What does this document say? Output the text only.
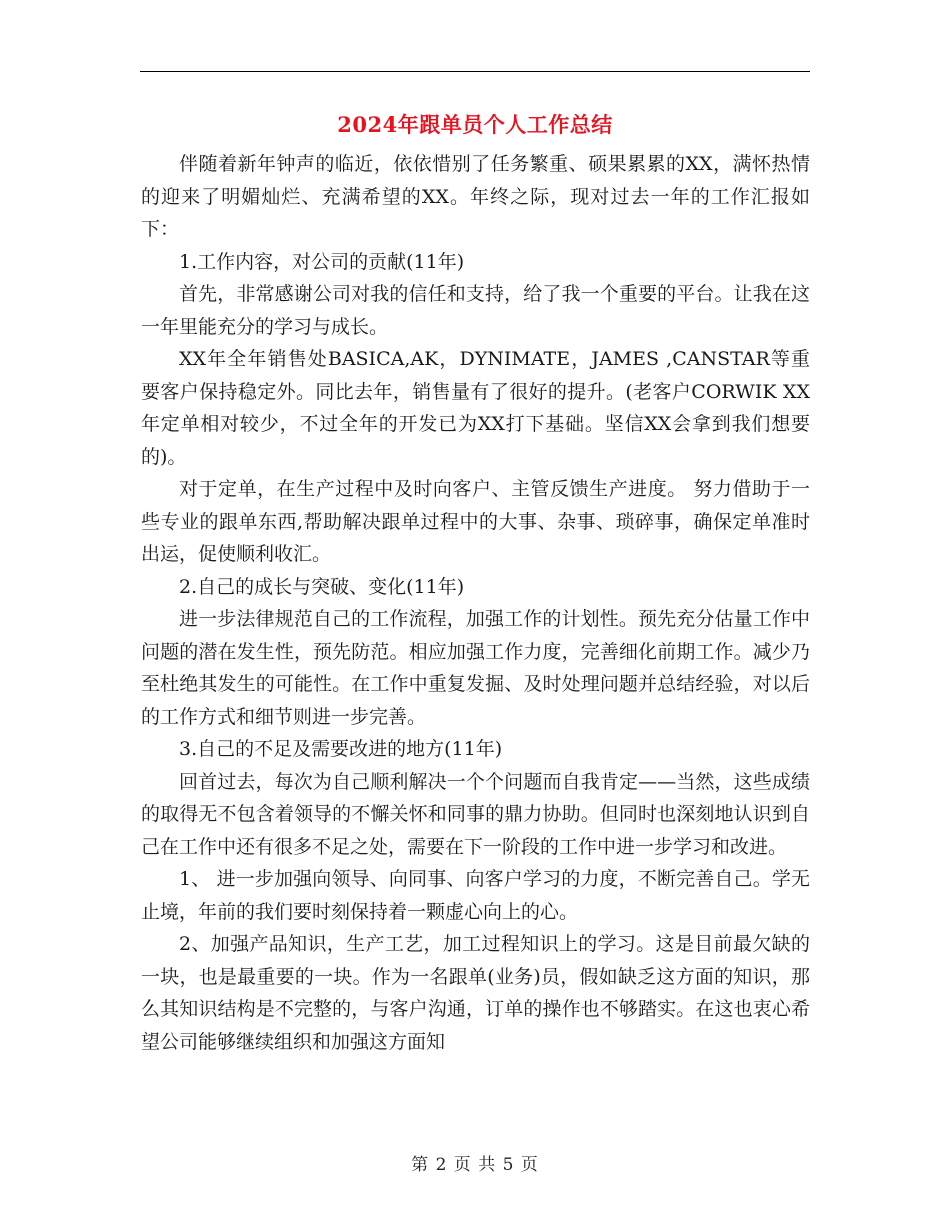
2024年跟单员个人工作总结

伴随着新年钟声的临近，依依惜别了任务繁重、硕果累累的XX，满怀热情的迎来了明媚灿烂、充满希望的XX。年终之际，现对过去一年的工作汇报如下：

1.工作内容，对公司的贡献(11年)

首先，非常感谢公司对我的信任和支持，给了我一个重要的平台。让我在这一年里能充分的学习与成长。

XX年全年销售处BASICA,AK，DYNIMATE，JAMES ,CANSTAR等重要客户保持稳定外。同比去年，销售量有了很好的提升。(老客户CORWIK XX年定单相对较少，不过全年的开发已为XX打下基础。坚信XX会拿到我们想要的)。

对于定单，在生产过程中及时向客户、主管反馈生产进度。 努力借助于一些专业的跟单东西,帮助解决跟单过程中的大事、杂事、琐碎事，确保定单准时出运，促使顺利收汇。

2.自己的成长与突破、变化(11年)

进一步法律规范自己的工作流程，加强工作的计划性。预先充分估量工作中问题的潜在发生性，预先防范。相应加强工作力度，完善细化前期工作。减少乃至杜绝其发生的可能性。在工作中重复发掘、及时处理问题并总结经验，对以后的工作方式和细节则进一步完善。

3.自己的不足及需要改进的地方(11年)

回首过去，每次为自己顺利解决一个个问题而自我肯定——当然，这些成绩的取得无不包含着领导的不懈关怀和同事的鼎力协助。但同时也深刻地认识到自己在工作中还有很多不足之处，需要在下一阶段的工作中进一步学习和改进。

1、 进一步加强向领导、向同事、向客户学习的力度，不断完善自己。学无止境，年前的我们要时刻保持着一颗虚心向上的心。

2、加强产品知识，生产工艺，加工过程知识上的学习。这是目前最欠缺的一块，也是最重要的一块。作为一名跟单(业务)员，假如缺乏这方面的知识，那么其知识结构是不完整的，与客户沟通，订单的操作也不够踏实。在这也衷心希望公司能够继续组织和加强这方面知

第 2 页 共 5 页
